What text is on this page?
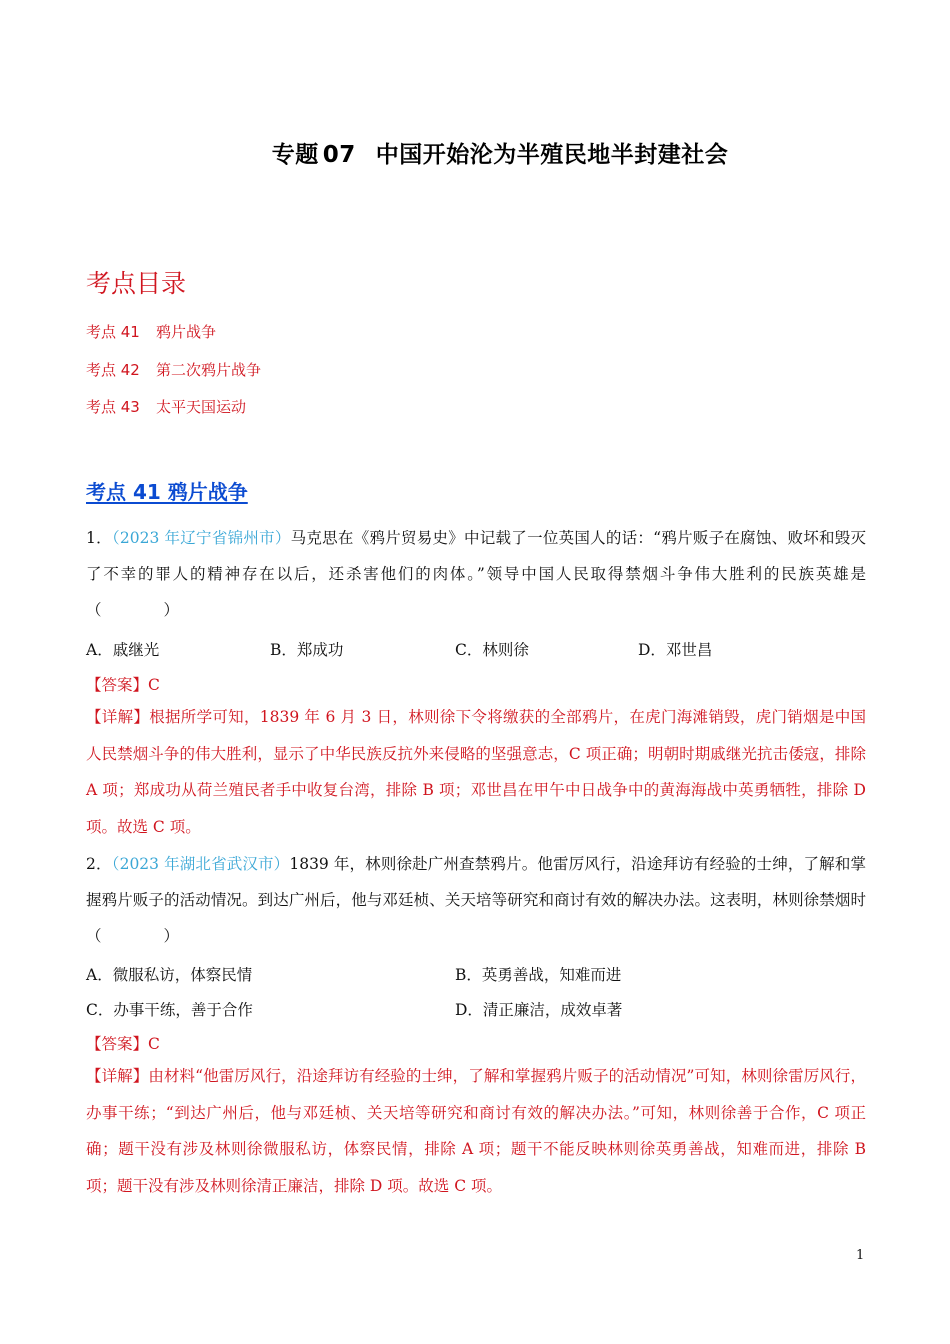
专题 07 中国开始沦为半殖民地半封建社会
考点目录
考点 41 鸦片战争
考点 42 第二次鸦片战争
考点 43 太平天国运动
考点 41 鸦片战争
1．（2023 年辽宁省锦州市）马克思在《鸦片贸易史》中记载了一位英国人的话：“鸦片贩子在腐蚀、败坏和毁灭了不幸的罪人的精神存在以后，还杀害他们的肉体。”领导中国人民取得禁烟斗争伟大胜利的民族英雄是（　　　　）
A．戚继光	B．郑成功	C．林则徐	D．邓世昌
【答案】C
【详解】根据所学可知，1839 年 6 月 3 日，林则徐下令将缴获的全部鸦片，在虎门海滩销毁，虎门销烟是中国人民禁烟斗争的伟大胜利，显示了中华民族反抗外来侵略的坚强意志，C 项正确；明朝时期戚继光抗击倭寇，排除 A 项；郑成功从荷兰殖民者手中收复台湾，排除 B 项；邓世昌在甲午中日战争中的黄海海战中英勇牺牲，排除 D 项。故选 C 项。
2．（2023 年湖北省武汉市）1839 年，林则徐赴广州查禁鸦片。他雷厉风行，沿途拜访有经验的士绅，了解和掌握鸦片贩子的活动情况。到达广州后，他与邓廷桢、关天培等研究和商讨有效的解决办法。这表明，林则徐禁烟时（　　　　）
A．微服私访，体察民情	B．英勇善战，知难而进
C．办事干练，善于合作	D．清正廉洁，成效卓著
【答案】C
【详解】由材料“他雷厉风行，沿途拜访有经验的士绅，了解和掌握鸦片贩子的活动情况”可知，林则徐雷厉风行，办事干练；“到达广州后，他与邓廷桢、关天培等研究和商讨有效的解决办法。”可知，林则徐善于合作，C 项正确；题干没有涉及林则徐微服私访，体察民情，排除 A 项；题干不能反映林则徐英勇善战，知难而进，排除 B 项；题干没有涉及林则徐清正廉洁，排除 D 项。故选 C 项。
1
